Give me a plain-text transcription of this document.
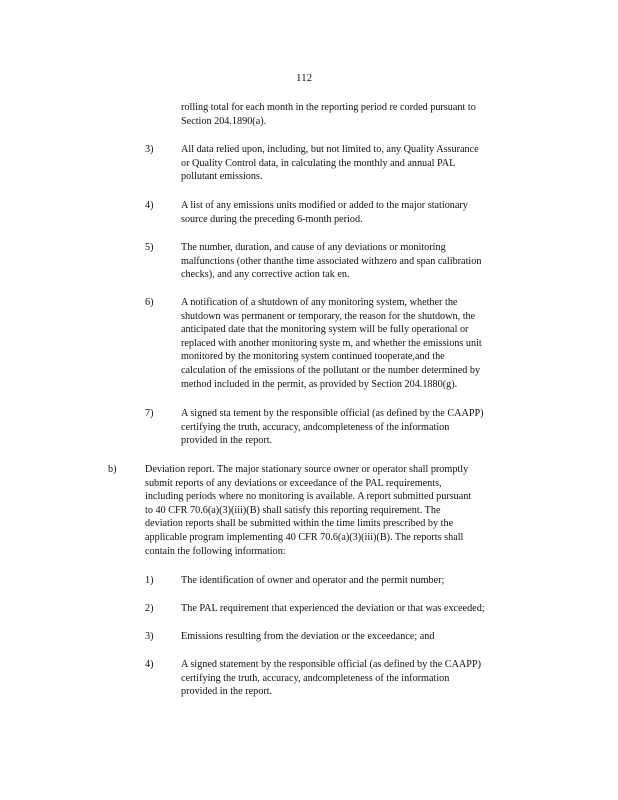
112
rolling total for each month in the reporting period re corded pursuant to
Section 204.1890(a).
3)	All data relied upon, including, but not limited to, any Quality Assurance
or Quality Control data, in calculating the monthly and annual PAL
pollutant emissions.
4)	A list of any emissions units modified or added to the major stationary
source during the preceding 6-month period.
5)	The number, duration, and cause of any deviations or monitoring
malfunctions (other thanthe time associated withzero and span calibration
checks), and any corrective action tak en.
6)	A notification of a shutdown of any monitoring system, whether the
shutdown was permanent or temporary, the reason for the shutdown, the
anticipated date that the monitoring system will be fully operational or
replaced with another monitoring syste m, and whether the emissions unit
monitored by the monitoring system continued tooperate,and the
calculation of the emissions of the pollutant or the number determined by
method included in the permit, as provided by Section 204.1880(g).
7)	A signed sta tement by the responsible official (as defined by the CAAPP)
certifying the truth, accuracy, andcompleteness of the information
provided in the report.
b)	Deviation report. The major stationary source owner or operator shall promptly
submit reports of any deviations or exceedance of the PAL requirements,
including periods where no monitoring is available. A report submitted pursuant
to 40 CFR 70.6(a)(3)(iii)(B) shall satisfy this reporting requirement. The
deviation reports shall be submitted within the time limits prescribed by the
applicable program implementing 40 CFR 70.6(a)(3)(iii)(B). The reports shall
contain the following information:
1)	The identification of owner and operator and the permit number;
2)	The PAL requirement that experienced the deviation or that was exceeded;
3)	Emissions resulting from the deviation or the exceedance; and
4)	A signed statement by the responsible official (as defined by the CAAPP)
certifying the truth, accuracy, andcompleteness of the information
provided in the report.
